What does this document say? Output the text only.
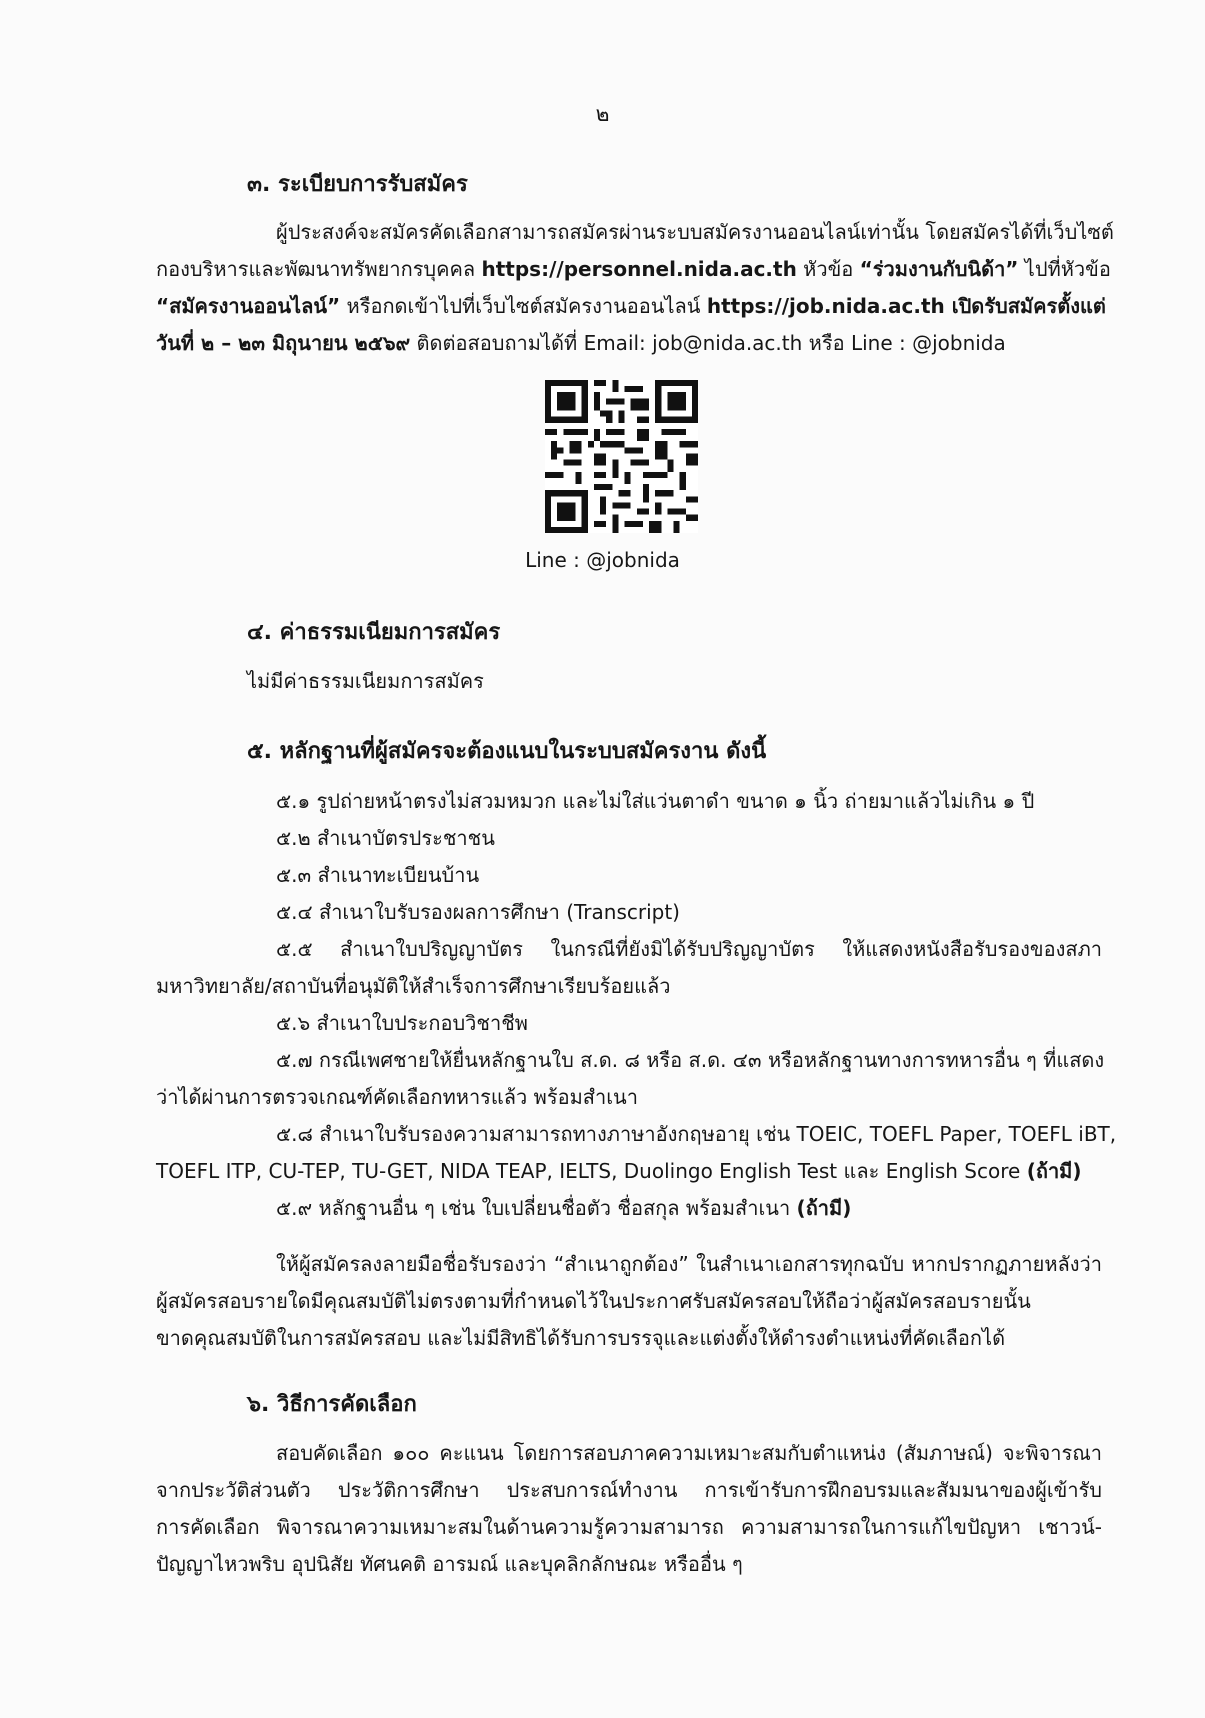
๒
๓. ระเบียบการรับสมัคร
ผู้ประสงค์จะสมัครคัดเลือกสามารถสมัครผ่านระบบสมัครงานออนไลน์เท่านั้น โดยสมัครได้ที่เว็บไซต์
กองบริหารและพัฒนาทรัพยากรบุคคล https://personnel.nida.ac.th หัวข้อ “ร่วมงานกับนิด้า” ไปที่หัวข้อ
“สมัครงานออนไลน์” หรือกดเข้าไปที่เว็บไซต์สมัครงานออนไลน์ https://job.nida.ac.th เปิดรับสมัครตั้งแต่
วันที่ ๒ – ๒๓ มิถุนายน ๒๕๖๙ ติดต่อสอบถามได้ที่ Email: job@nida.ac.th หรือ Line : @jobnida
Line : @jobnida
๔. ค่าธรรมเนียมการสมัคร
ไม่มีค่าธรรมเนียมการสมัคร
๕. หลักฐานที่ผู้สมัครจะต้องแนบในระบบสมัครงาน ดังนี้
๕.๑ รูปถ่ายหน้าตรงไม่สวมหมวก และไม่ใส่แว่นตาดำ ขนาด ๑ นิ้ว ถ่ายมาแล้วไม่เกิน ๑ ปี
๕.๒ สำเนาบัตรประชาชน
๕.๓ สำเนาทะเบียนบ้าน
๕.๔ สำเนาใบรับรองผลการศึกษา (Transcript)
๕.๕ สำเนาใบปริญญาบัตร ในกรณีที่ยังมิได้รับปริญญาบัตร ให้แสดงหนังสือรับรองของสภา
มหาวิทยาลัย/สถาบันที่อนุมัติให้สำเร็จการศึกษาเรียบร้อยแล้ว
๕.๖ สำเนาใบประกอบวิชาชีพ
๕.๗ กรณีเพศชายให้ยื่นหลักฐานใบ ส.ด. ๘ หรือ ส.ด. ๔๓ หรือหลักฐานทางการทหารอื่น ๆ ที่แสดง
ว่าได้ผ่านการตรวจเกณฑ์คัดเลือกทหารแล้ว พร้อมสำเนา
๕.๘ สำเนาใบรับรองความสามารถทางภาษาอังกฤษอายุ เช่น TOEIC, TOEFL Paper, TOEFL iBT,
TOEFL ITP, CU-TEP, TU-GET, NIDA TEAP, IELTS, Duolingo English Test และ English Score (ถ้ามี)
๕.๙ หลักฐานอื่น ๆ เช่น ใบเปลี่ยนชื่อตัว ชื่อสกุล พร้อมสำเนา (ถ้ามี)
ให้ผู้สมัครลงลายมือชื่อรับรองว่า “สำเนาถูกต้อง” ในสำเนาเอกสารทุกฉบับ หากปรากฏภายหลังว่า
ผู้สมัครสอบรายใดมีคุณสมบัติไม่ตรงตามที่กำหนดไว้ในประกาศรับสมัครสอบให้ถือว่าผู้สมัครสอบรายนั้น
ขาดคุณสมบัติในการสมัครสอบ และไม่มีสิทธิได้รับการบรรจุและแต่งตั้งให้ดำรงตำแหน่งที่คัดเลือกได้
๖. วิธีการคัดเลือก
สอบคัดเลือก ๑๐๐ คะแนน โดยการสอบภาคความเหมาะสมกับตำแหน่ง (สัมภาษณ์) จะพิจารณา
จากประวัติส่วนตัว ประวัติการศึกษา ประสบการณ์ทำงาน การเข้ารับการฝึกอบรมและสัมมนาของผู้เข้ารับ
การคัดเลือก พิจารณาความเหมาะสมในด้านความรู้ความสามารถ ความสามารถในการแก้ไขปัญหา เชาวน์-
ปัญญาไหวพริบ อุปนิสัย ทัศนคติ อารมณ์ และบุคลิกลักษณะ หรืออื่น ๆ
